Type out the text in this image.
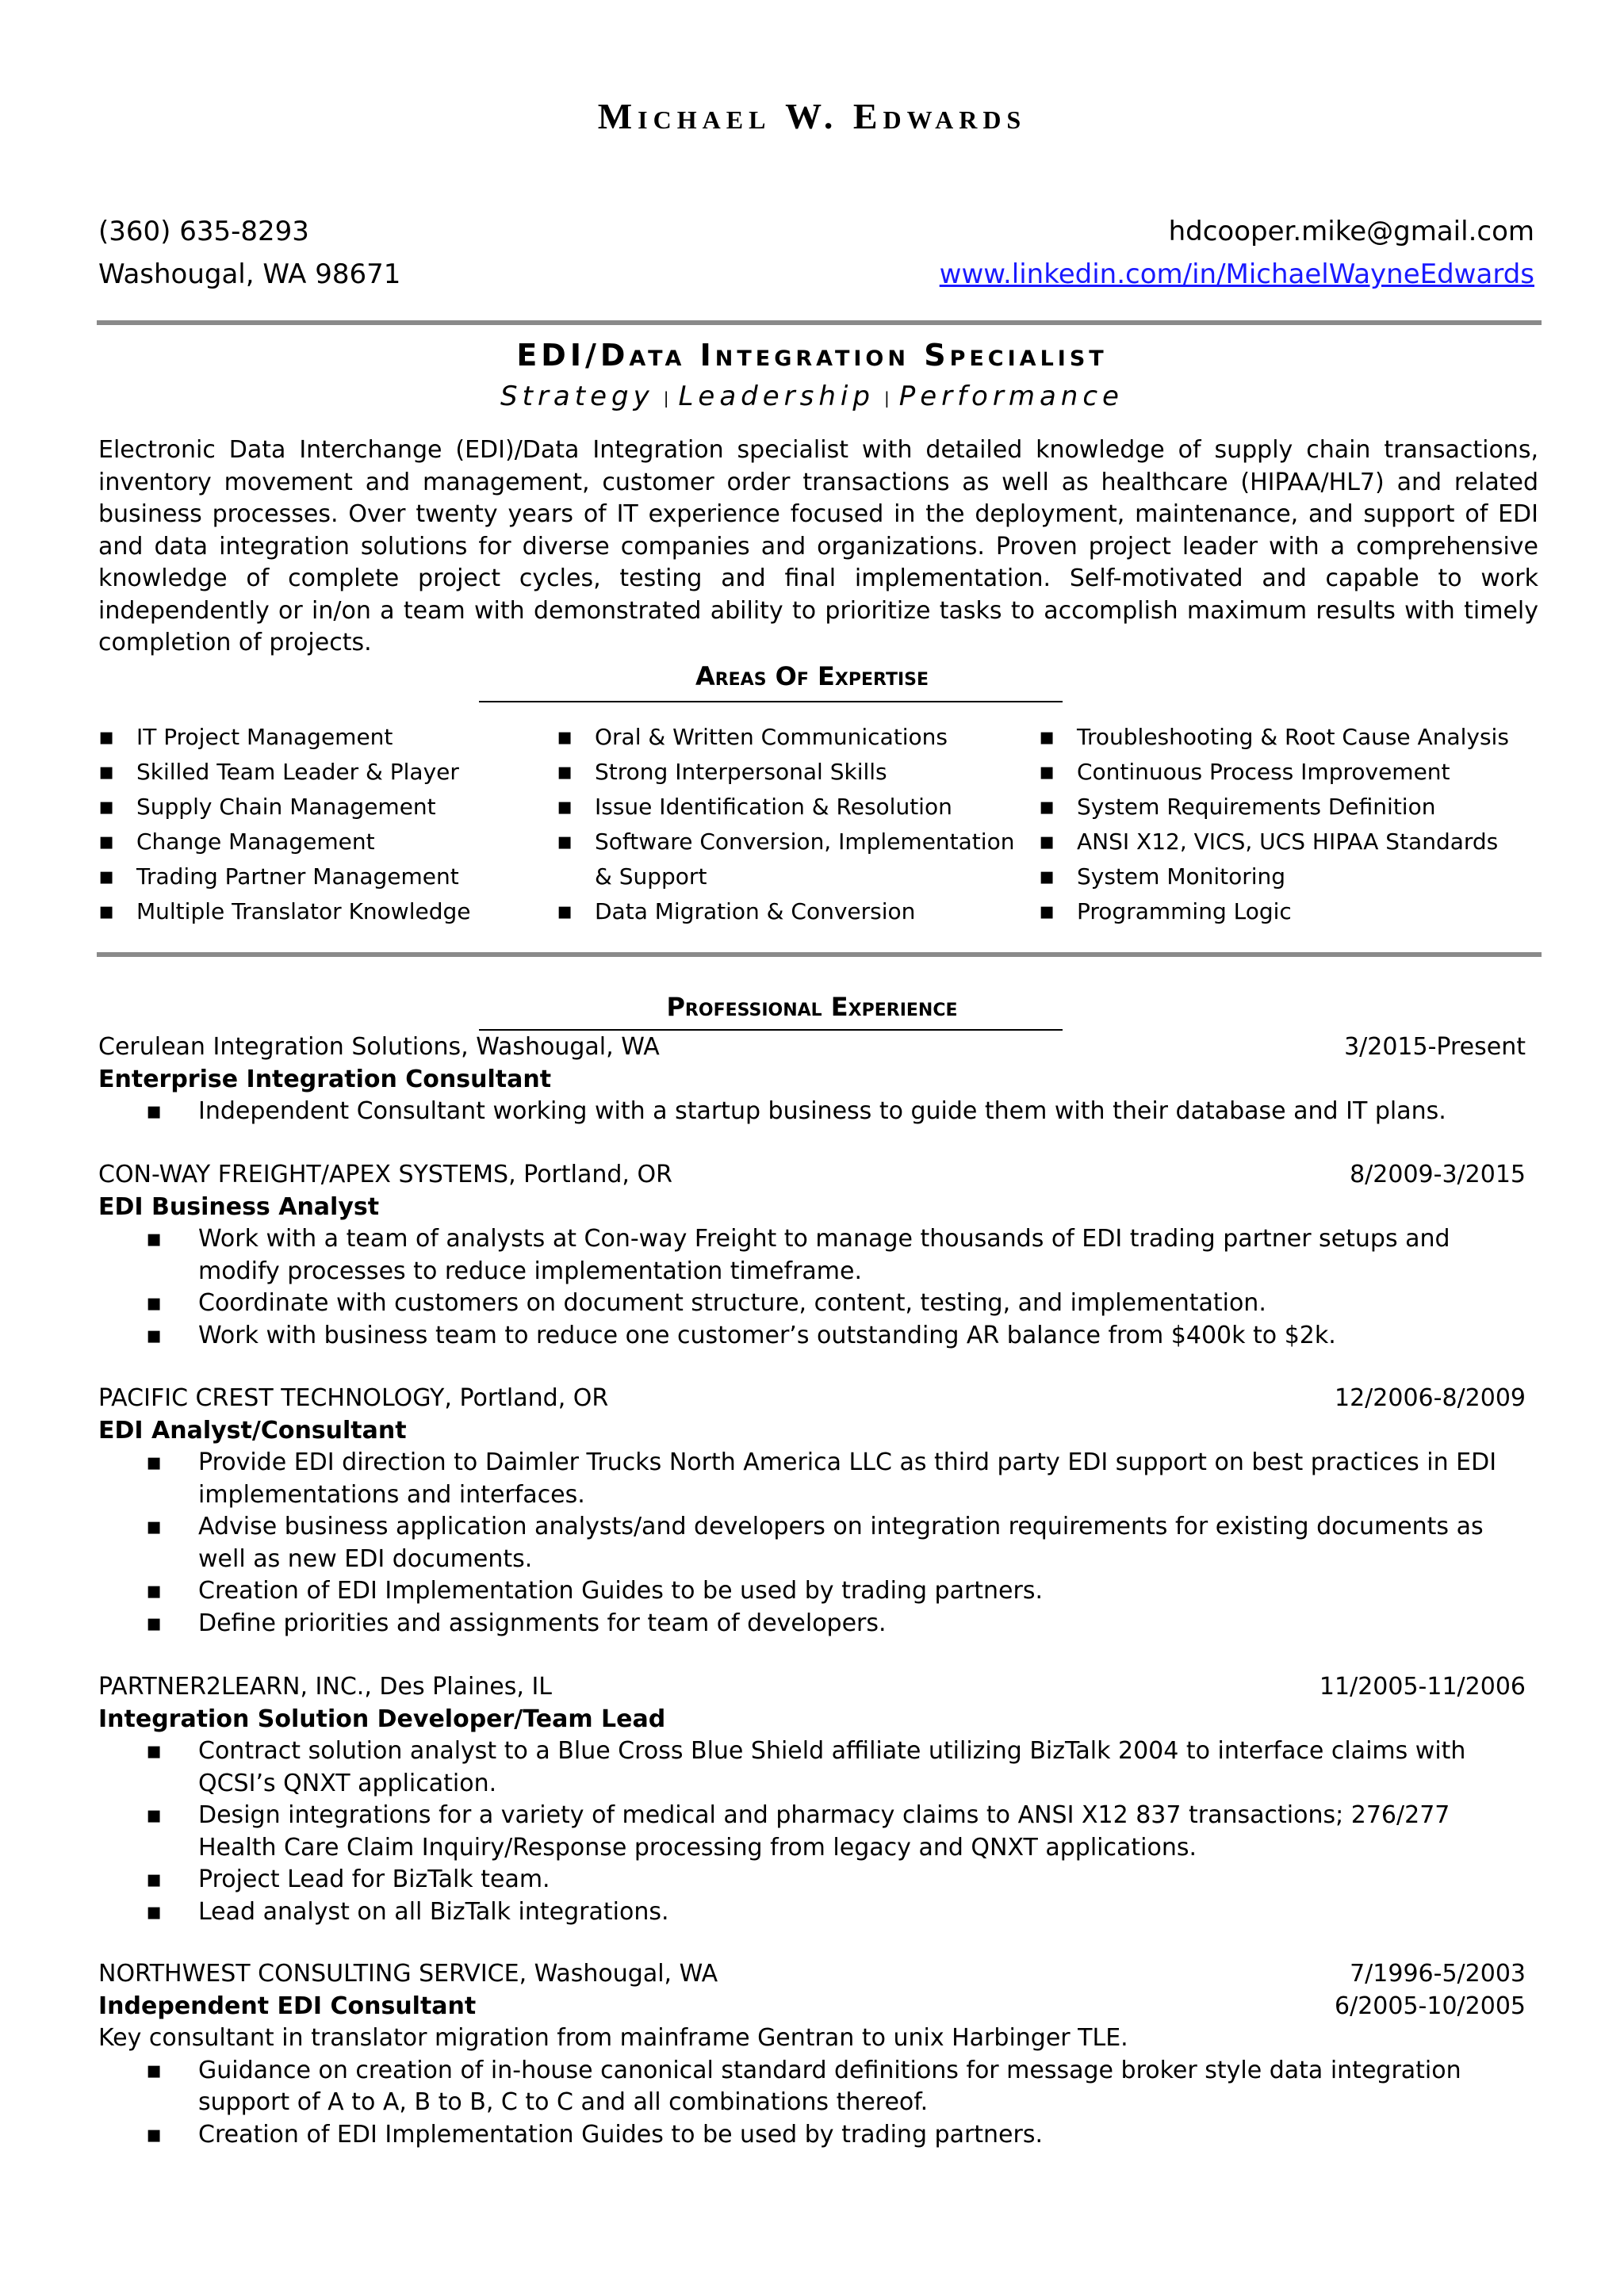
Michael W. Edwards
(360) 635-8293
Washougal, WA 98671
hdcooper.mike@gmail.com
www.linkedin.com/in/MichaelWayneEdwards
EDI/Data Integration Specialist
Strategy | Leadership | Performance
Electronic Data Interchange (EDI)/Data Integration specialist with detailed knowledge of supply chain transactions, inventory movement and management, customer order transactions as well as healthcare (HIPAA/HL7) and related business processes. Over twenty years of IT experience focused in the deployment, maintenance, and support of EDI and data integration solutions for diverse companies and organizations. Proven project leader with a comprehensive knowledge of complete project cycles, testing and final implementation. Self-motivated and capable to work independently or in/on a team with demonstrated ability to prioritize tasks to accomplish maximum results with timely completion of projects.
Areas Of Expertise
▪ IT Project Management
▪ Skilled Team Leader & Player
▪ Supply Chain Management
▪ Change Management
▪ Trading Partner Management
▪ Multiple Translator Knowledge
▪ Oral & Written Communications
▪ Strong Interpersonal Skills
▪ Issue Identification & Resolution
▪ Software Conversion, Implementation & Support
▪ Data Migration & Conversion
▪ Troubleshooting & Root Cause Analysis
▪ Continuous Process Improvement
▪ System Requirements Definition
▪ ANSI X12, VICS, UCS HIPAA Standards
▪ System Monitoring
▪ Programming Logic
Professional Experience
Cerulean Integration Solutions, Washougal, WA	3/2015-Present
Enterprise Integration Consultant
▪ Independent Consultant working with a startup business to guide them with their database and IT plans.
CON-WAY FREIGHT/APEX SYSTEMS, Portland, OR	8/2009-3/2015
EDI Business Analyst
▪ Work with a team of analysts at Con-way Freight to manage thousands of EDI trading partner setups and modify processes to reduce implementation timeframe.
▪ Coordinate with customers on document structure, content, testing, and implementation.
▪ Work with business team to reduce one customer’s outstanding AR balance from $400k to $2k.
PACIFIC CREST TECHNOLOGY, Portland, OR	12/2006-8/2009
EDI Analyst/Consultant
▪ Provide EDI direction to Daimler Trucks North America LLC as third party EDI support on best practices in EDI implementations and interfaces.
▪ Advise business application analysts/and developers on integration requirements for existing documents as well as new EDI documents.
▪ Creation of EDI Implementation Guides to be used by trading partners.
▪ Define priorities and assignments for team of developers.
PARTNER2LEARN, INC., Des Plaines, IL	11/2005-11/2006
Integration Solution Developer/Team Lead
▪ Contract solution analyst to a Blue Cross Blue Shield affiliate utilizing BizTalk 2004 to interface claims with QCSI’s QNXT application.
▪ Design integrations for a variety of medical and pharmacy claims to ANSI X12 837 transactions; 276/277 Health Care Claim Inquiry/Response processing from legacy and QNXT applications.
▪ Project Lead for BizTalk team.
▪ Lead analyst on all BizTalk integrations.
NORTHWEST CONSULTING SERVICE, Washougal, WA	7/1996-5/2003
6/2005-10/2005
Independent EDI Consultant
Key consultant in translator migration from mainframe Gentran to unix Harbinger TLE.
▪ Guidance on creation of in-house canonical standard definitions for message broker style data integration support of A to A, B to B, C to C and all combinations thereof.
▪ Creation of EDI Implementation Guides to be used by trading partners.
